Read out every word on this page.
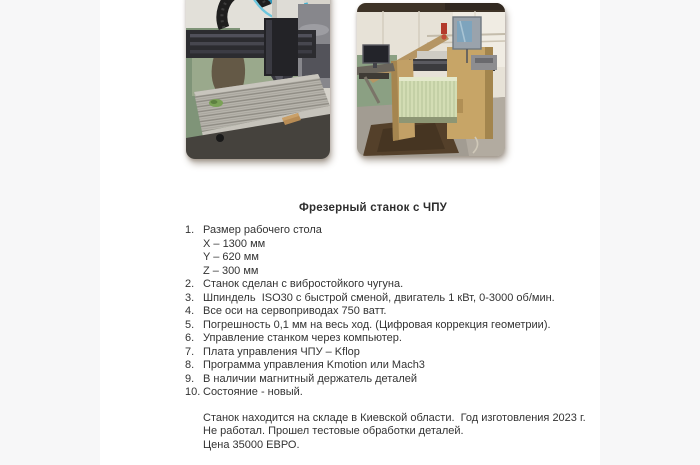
Фрезерный станок с ЧПУ
1. Размер рабочего стола
X – 1300 мм
Y – 620 мм
Z – 300 мм
2. Станок сделан с вибростойкого чугуна.
3. Шпиндель  ISO30 с быстрой сменой, двигатель 1 кВт, 0-3000 об/мин.
4. Все оси на сервоприводах 750 ватт.
5. Погрешность 0,1 мм на весь ход. (Цифровая коррекция геометрии).
6. Управление станком через компьютер.
7. Плата управления ЧПУ – Kflop
8. Программа управления Kmotion или Mach3
9. В наличии магнитный держатель деталей
10. Состояние - новый.
Станок находится на складе в Киевской области.  Год изготовления 2023 г.
Не работал. Прошел тестовые обработки деталей.
Цена 35000 ЕВРО.
